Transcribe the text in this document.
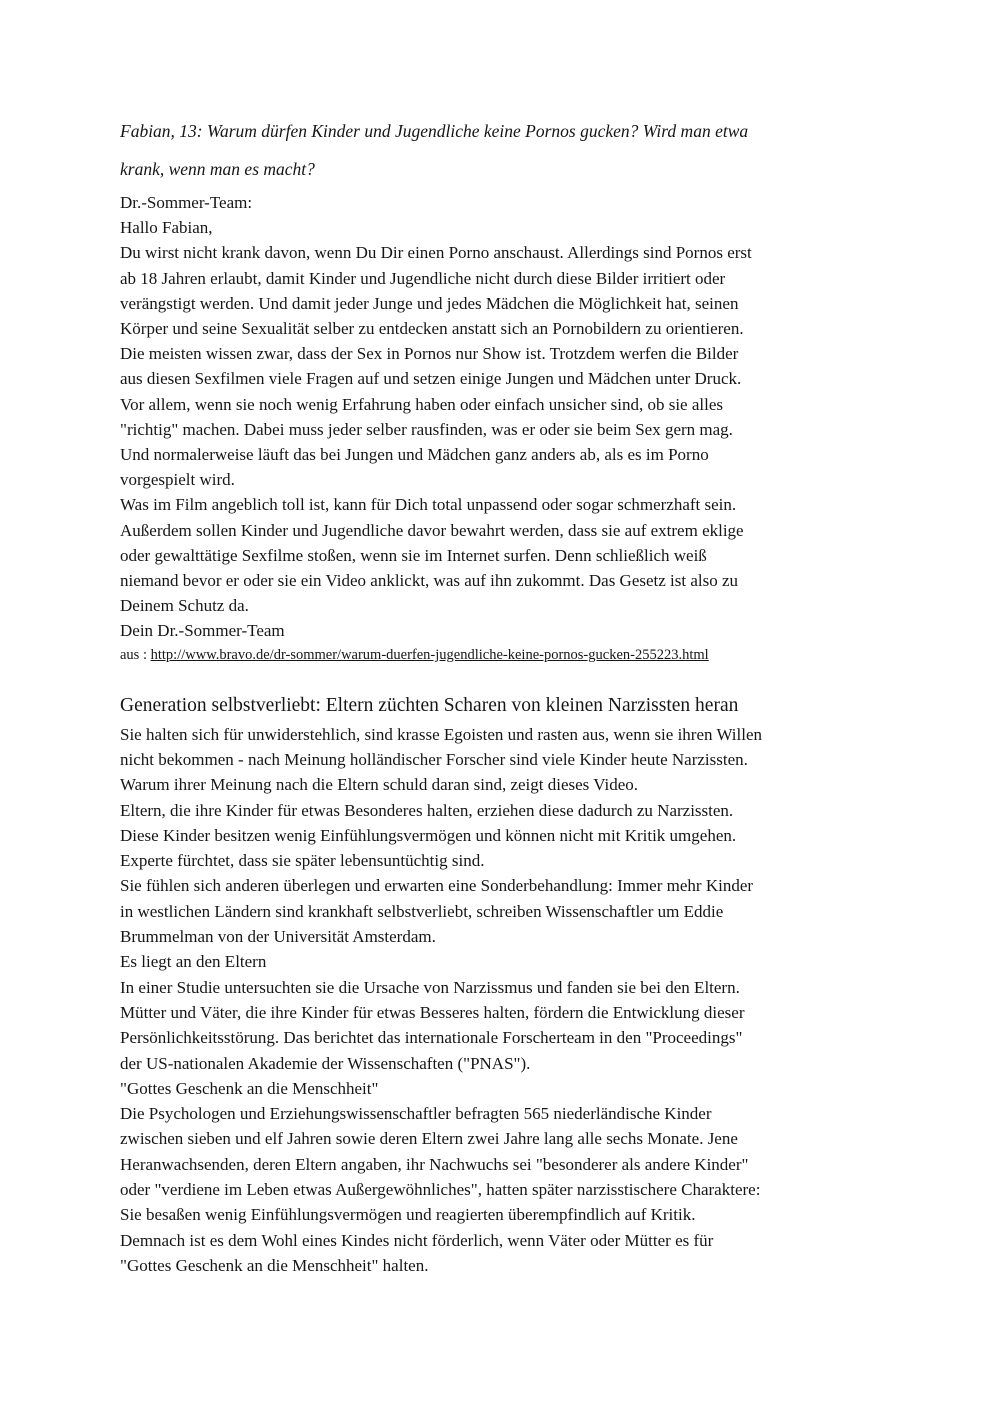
Fabian, 13: Warum dürfen Kinder und Jugendliche keine Pornos gucken? Wird man etwa
krank, wenn man es macht?
Dr.-Sommer-Team:
Hallo Fabian,
Du wirst nicht krank davon, wenn Du Dir einen Porno anschaust. Allerdings sind Pornos erst
ab 18 Jahren erlaubt, damit Kinder und Jugendliche nicht durch diese Bilder irritiert oder
verängstigt werden. Und damit jeder Junge und jedes Mädchen die Möglichkeit hat, seinen
Körper und seine Sexualität selber zu entdecken anstatt sich an Pornobildern zu orientieren.
Die meisten wissen zwar, dass der Sex in Pornos nur Show ist. Trotzdem werfen die Bilder
aus diesen Sexfilmen viele Fragen auf und setzen einige Jungen und Mädchen unter Druck.
Vor allem, wenn sie noch wenig Erfahrung haben oder einfach unsicher sind, ob sie alles
"richtig" machen. Dabei muss jeder selber rausfinden, was er oder sie beim Sex gern mag.
Und normalerweise läuft das bei Jungen und Mädchen ganz anders ab, als es im Porno
vorgespielt wird.
Was im Film angeblich toll ist, kann für Dich total unpassend oder sogar schmerzhaft sein.
Außerdem sollen Kinder und Jugendliche davor bewahrt werden, dass sie auf extrem eklige
oder gewalttätige Sexfilme stoßen, wenn sie im Internet surfen. Denn schließlich weiß
niemand bevor er oder sie ein Video anklickt, was auf ihn zukommt. Das Gesetz ist also zu
Deinem Schutz da.
Dein Dr.-Sommer-Team
aus : http://www.bravo.de/dr-sommer/warum-duerfen-jugendliche-keine-pornos-gucken-255223.html
Generation selbstverliebt: Eltern züchten Scharen von kleinen Narzissten heran
Sie halten sich für unwiderstehlich, sind krasse Egoisten und rasten aus, wenn sie ihren Willen
nicht bekommen - nach Meinung holländischer Forscher sind viele Kinder heute Narzissten.
Warum ihrer Meinung nach die Eltern schuld daran sind, zeigt dieses Video.
Eltern, die ihre Kinder für etwas Besonderes halten, erziehen diese dadurch zu Narzissten.
Diese Kinder besitzen wenig Einfühlungsvermögen und können nicht mit Kritik umgehen.
Experte fürchtet, dass sie später lebensuntüchtig sind.
Sie fühlen sich anderen überlegen und erwarten eine Sonderbehandlung: Immer mehr Kinder
in westlichen Ländern sind krankhaft selbstverliebt, schreiben Wissenschaftler um Eddie
Brummelman von der Universität Amsterdam.
Es liegt an den Eltern
In einer Studie untersuchten sie die Ursache von Narzissmus und fanden sie bei den Eltern.
Mütter und Väter, die ihre Kinder für etwas Besseres halten, fördern die Entwicklung dieser
Persönlichkeitsstörung. Das berichtet das internationale Forscherteam in den "Proceedings"
der US-nationalen Akademie der Wissenschaften ("PNAS").
"Gottes Geschenk an die Menschheit"
Die Psychologen und Erziehungswissenschaftler befragten 565 niederländische Kinder
zwischen sieben und elf Jahren sowie deren Eltern zwei Jahre lang alle sechs Monate. Jene
Heranwachsenden, deren Eltern angaben, ihr Nachwuchs sei "besonderer als andere Kinder"
oder "verdiene im Leben etwas Außergewöhnliches", hatten später narzisstischere Charaktere:
Sie besaßen wenig Einfühlungsvermögen und reagierten überempfindlich auf Kritik.
Demnach ist es dem Wohl eines Kindes nicht förderlich, wenn Väter oder Mütter es für
"Gottes Geschenk an die Menschheit" halten.
